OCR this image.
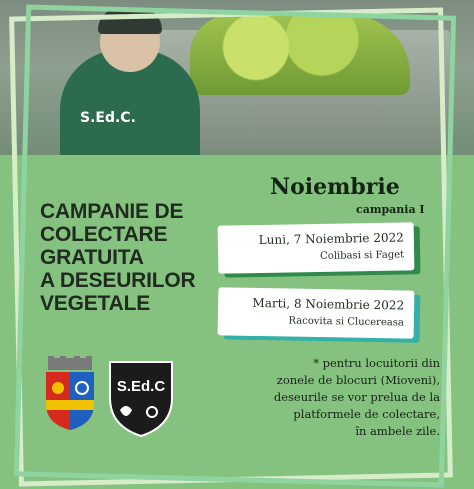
S.Ed.C.
Noiembrie
campania I
CAMPANIE DE
COLECTARE
GRATUITA
A DESEURILOR
VEGETALE
Luni, 7 Noiembrie 2022
Colibasi si Faget
Marti, 8 Noiembrie 2022
Racovita si Clucereasa
S.Ed.C
* pentru locuitorii din
zonele de blocuri (Mioveni),
deseurile se vor prelua de la
platformele de colectare,
în ambele zile.
